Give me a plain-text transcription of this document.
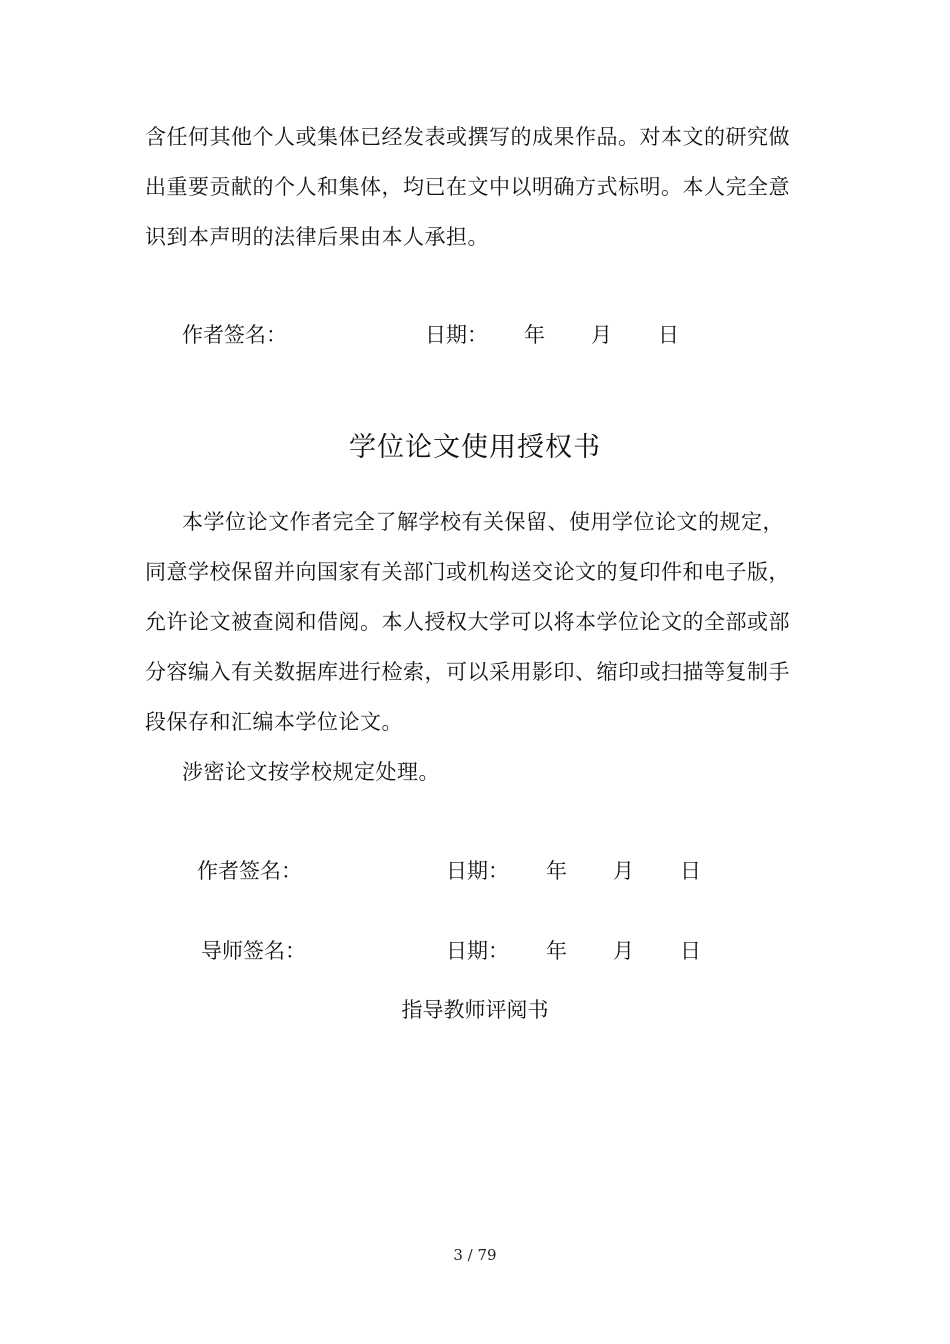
含任何其他个人或集体已经发表或撰写的成果作品。对本文的研究做
出重要贡献的个人和集体，均已在文中以明确方式标明。本人完全意
识到本声明的法律后果由本人承担。
作者签名：	日期： 年 月 日
学位论文使用授权书
本学位论文作者完全了解学校有关保留、使用学位论文的规定，
同意学校保留并向国家有关部门或机构送交论文的复印件和电子版，
允许论文被查阅和借阅。本人授权大学可以将本学位论文的全部或部
分容编入有关数据库进行检索，可以采用影印、缩印或扫描等复制手
段保存和汇编本学位论文。
涉密论文按学校规定处理。
作者签名：	日期： 年 月 日
导师签名：	日期： 年 月 日
指导教师评阅书
3 / 79
